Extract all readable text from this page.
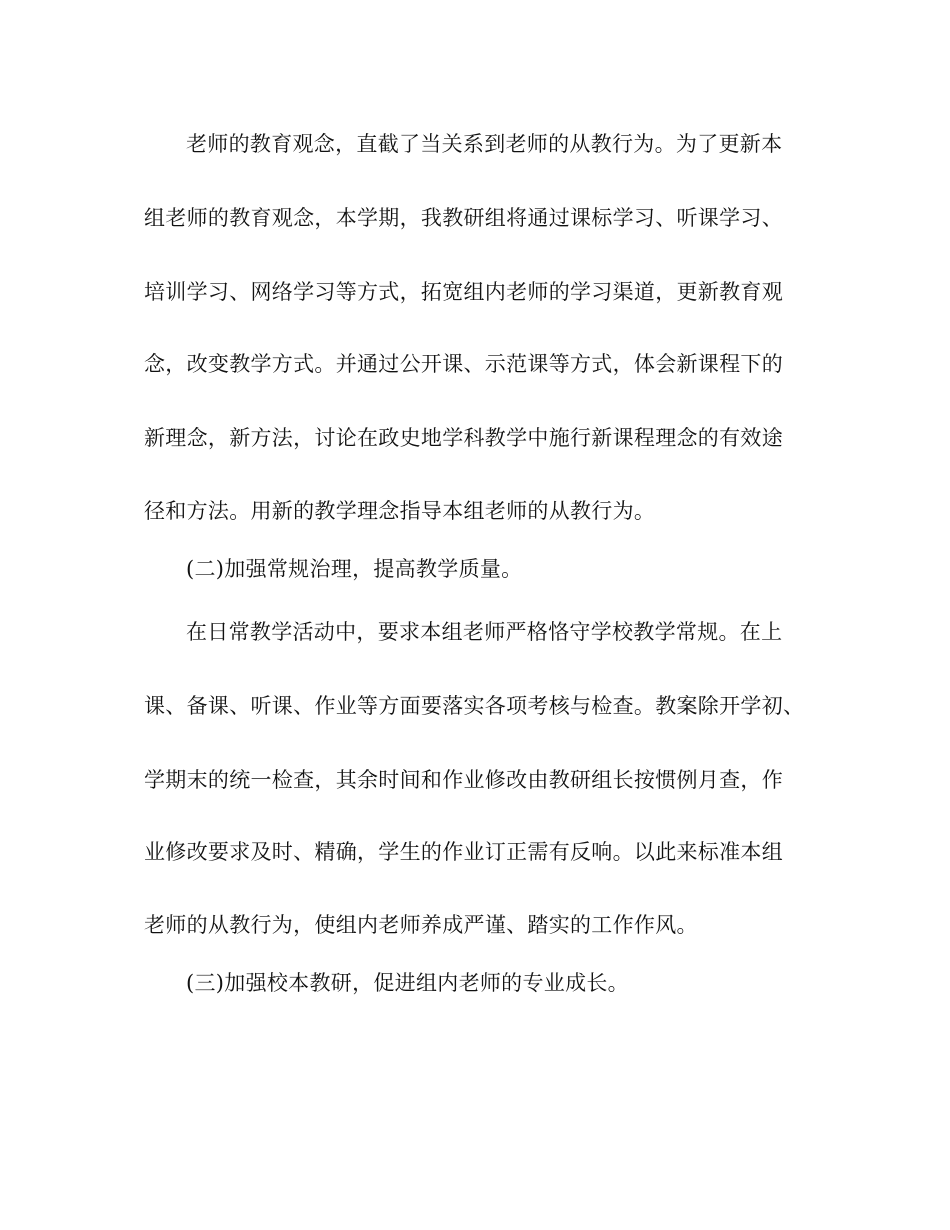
老师的教育观念，直截了当关系到老师的从教行为。为了更新本
组老师的教育观念，本学期，我教研组将通过课标学习、听课学习、
培训学习、网络学习等方式，拓宽组内老师的学习渠道，更新教育观
念，改变教学方式。并通过公开课、示范课等方式，体会新课程下的
新理念，新方法，讨论在政史地学科教学中施行新课程理念的有效途
径和方法。用新的教学理念指导本组老师的从教行为。
(二)加强常规治理，提高教学质量。
在日常教学活动中，要求本组老师严格恪守学校教学常规。在上
课、备课、听课、作业等方面要落实各项考核与检查。教案除开学初、
学期末的统一检查，其余时间和作业修改由教研组长按惯例月查，作
业修改要求及时、精确，学生的作业订正需有反响。以此来标准本组
老师的从教行为，使组内老师养成严谨、踏实的工作作风。
(三)加强校本教研，促进组内老师的专业成长。
